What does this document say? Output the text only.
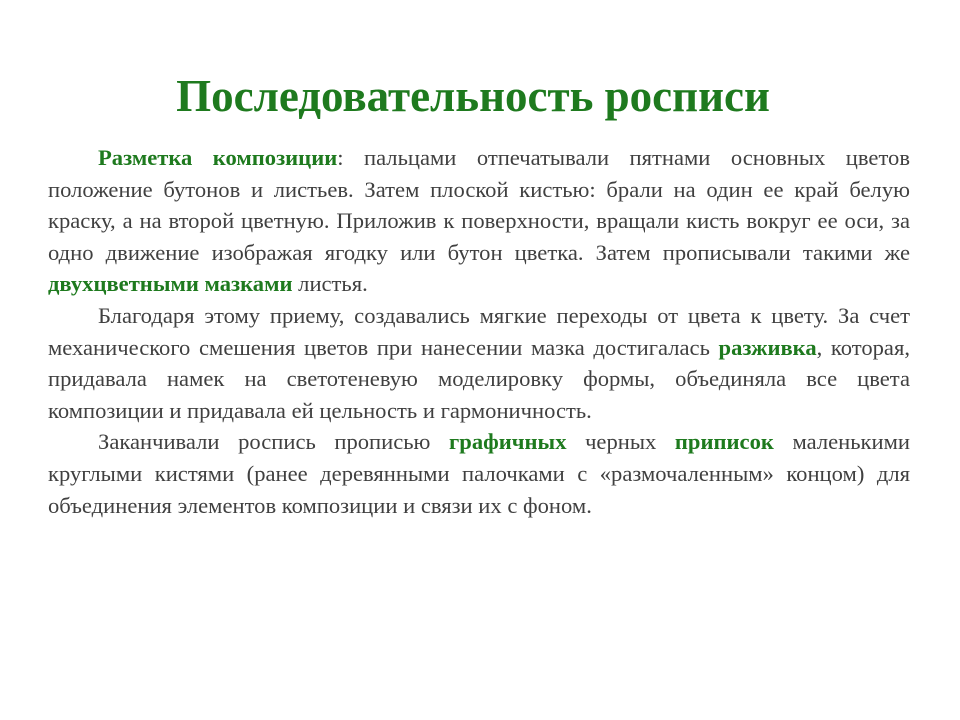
Последовательность росписи

Разметка композиции: пальцами отпечатывали пятнами основных цветов положение бутонов и листьев. Затем плоской кистью: брали на один ее край белую краску, а на второй цветную. Приложив к поверхности, вращали кисть вокруг ее оси, за одно движение изображая ягодку или бутон цветка. Затем прописывали такими же двухцветными мазками листья.

Благодаря этому приему, создавались мягкие переходы от цвета к цвету. За счет механического смешения цветов при нанесении мазка достигалась разживка, которая, придавала намек на светотеневую моделировку формы, объединяла все цвета композиции и придавала ей цельность и гармоничность.

Заканчивали роспись прописью графичных черных приписок маленькими круглыми кистями (ранее деревянными палочками с «размочаленным» концом) для объединения элементов композиции и связи их с фоном.
